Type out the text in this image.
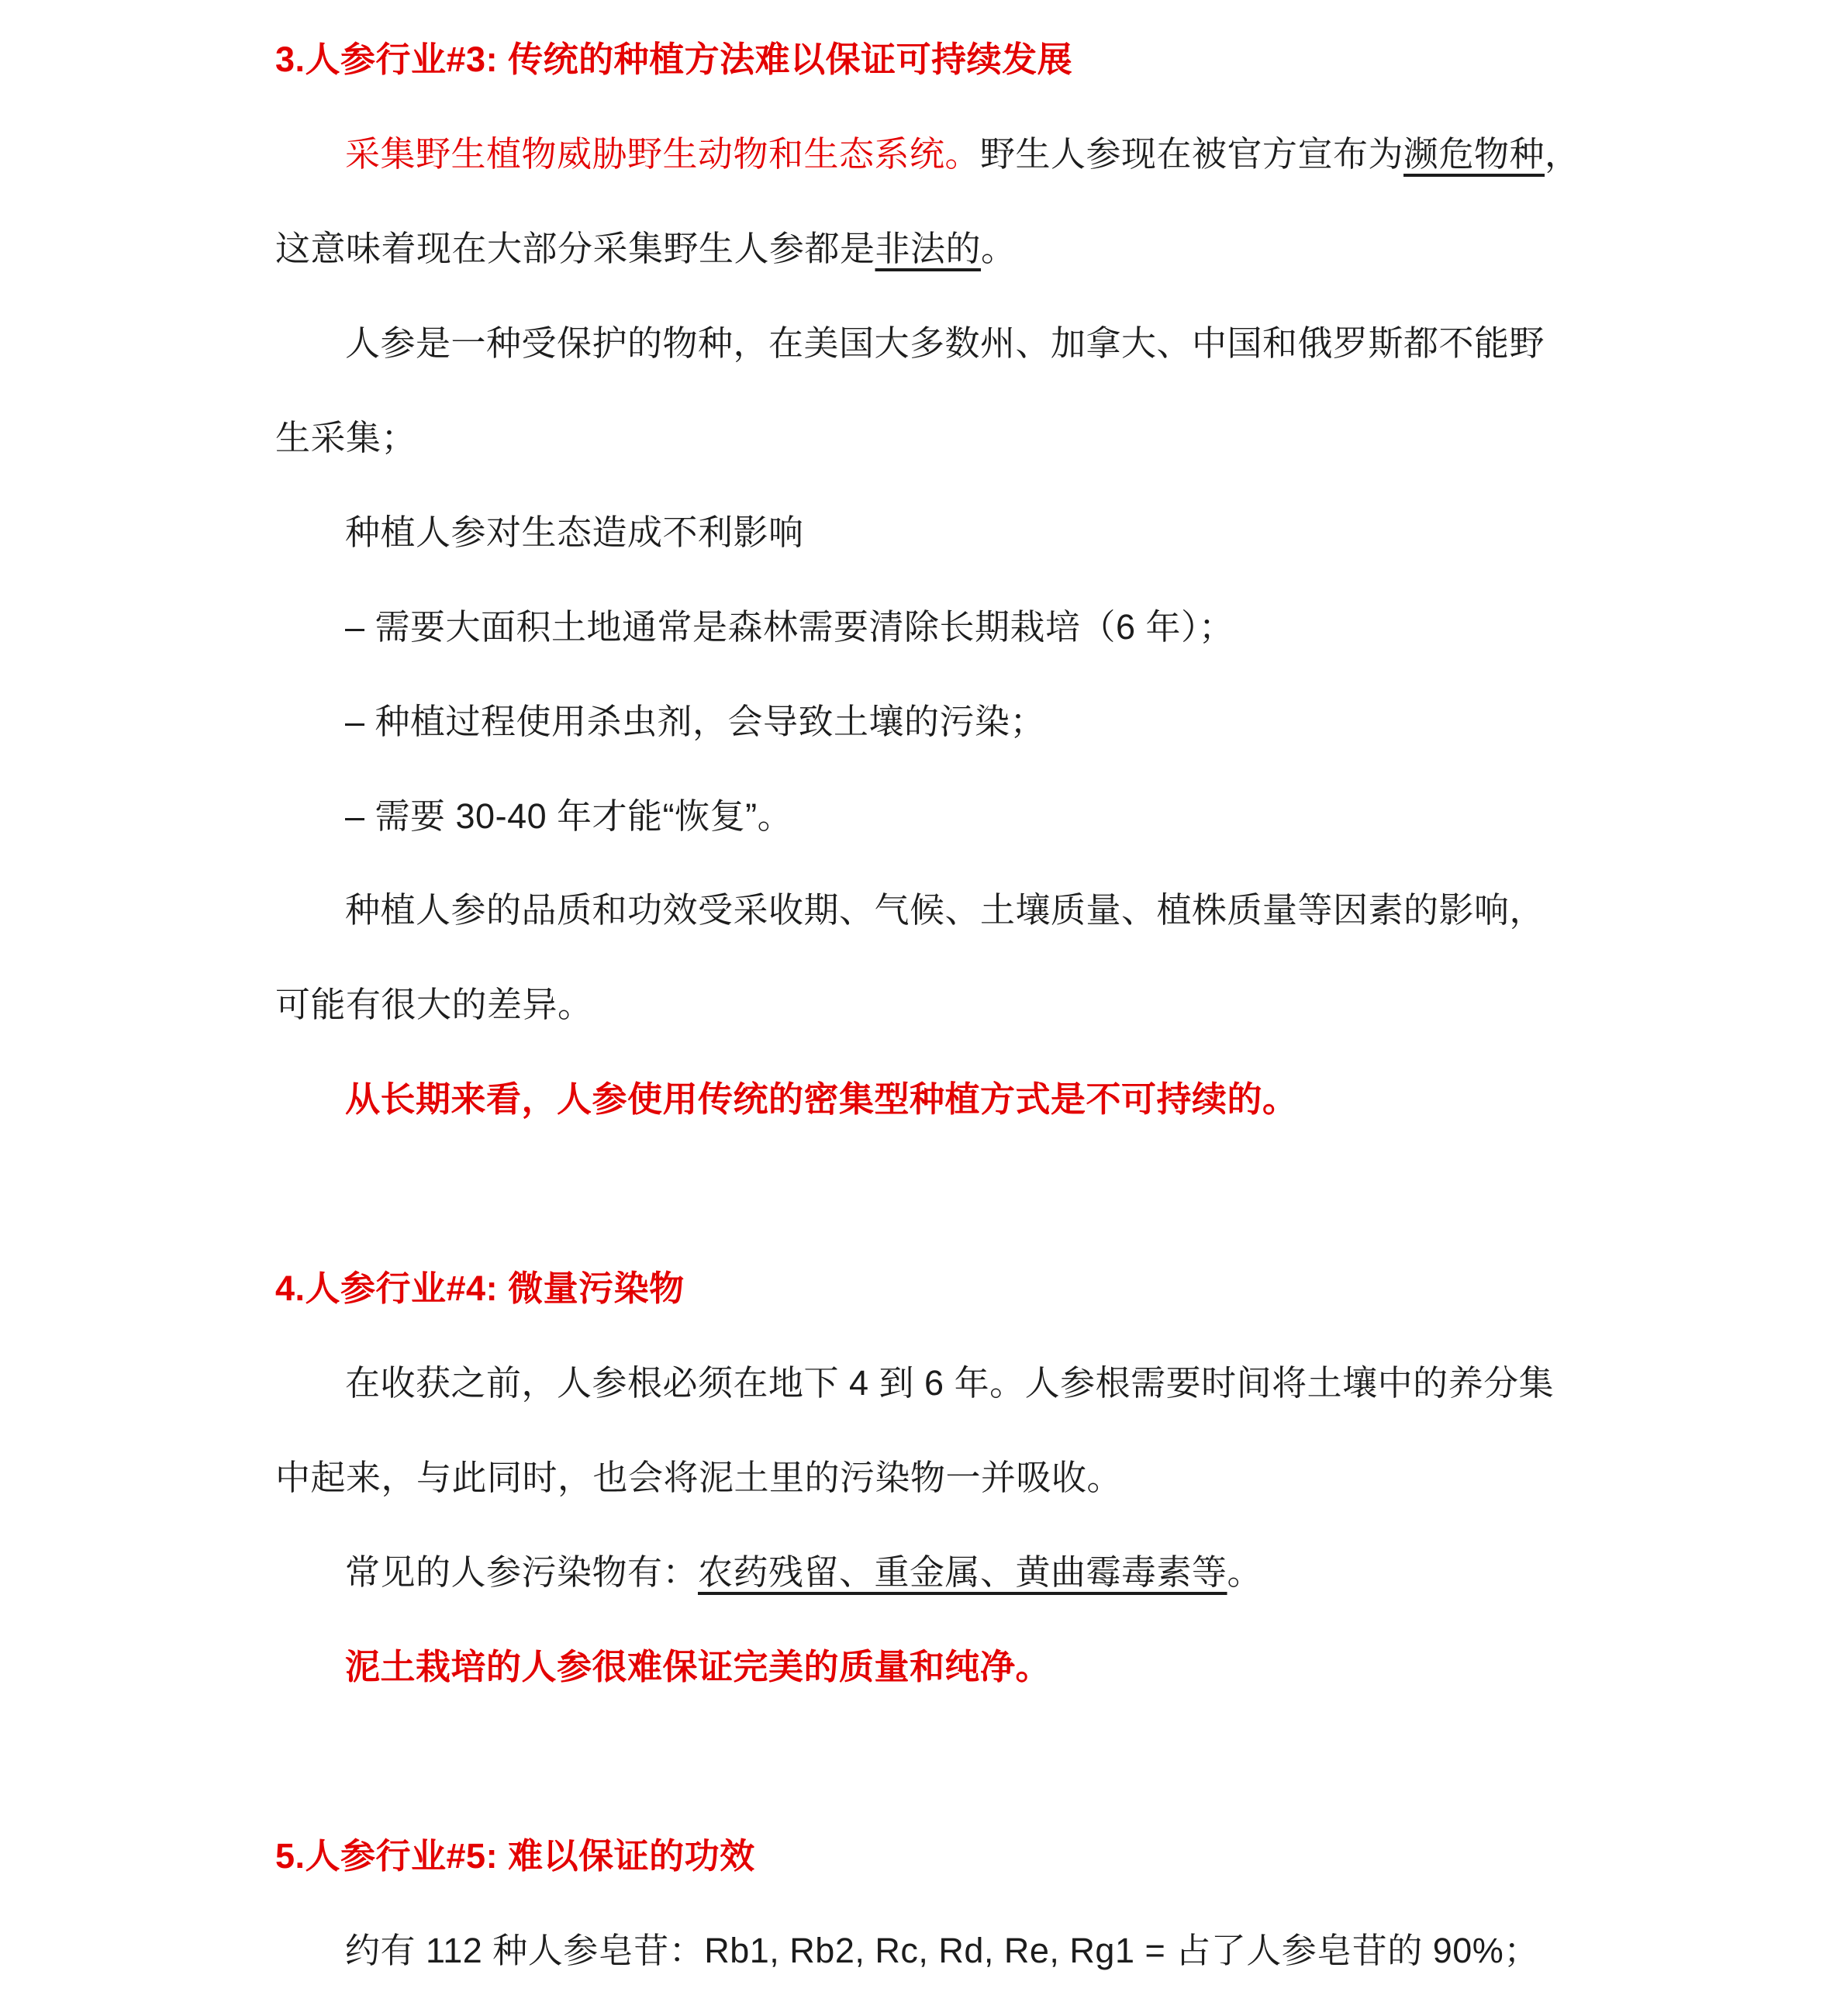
3.人参行业#3: 传统的种植方法难以保证可持续发展

采集野生植物威胁野生动物和生态系统。野生人参现在被官方宣布为濒危物种，
这意味着现在大部分采集野生人参都是非法的。

人参是一种受保护的物种，在美国大多数州、加拿大、中国和俄罗斯都不能野
生采集；

种植人参对生态造成不利影响

– 需要大面积土地通常是森林需要清除长期栽培（6 年）；

– 种植过程使用杀虫剂，会导致土壤的污染；

– 需要 30-40 年才能“恢复”。

种植人参的品质和功效受采收期、气候、土壤质量、植株质量等因素的影响，
可能有很大的差异。

从长期来看，人参使用传统的密集型种植方式是不可持续的。

4.人参行业#4: 微量污染物

在收获之前，人参根必须在地下 4 到 6 年。人参根需要时间将土壤中的养分集
中起来，与此同时，也会将泥土里的污染物一并吸收。

常见的人参污染物有：农药残留、重金属、黄曲霉毒素等。

泥土栽培的人参很难保证完美的质量和纯净。

5.人参行业#5: 难以保证的功效

约有 112 种人参皂苷：Rb1, Rb2, Rc, Rd, Re, Rg1 = 占了人参皂苷的 90%；
